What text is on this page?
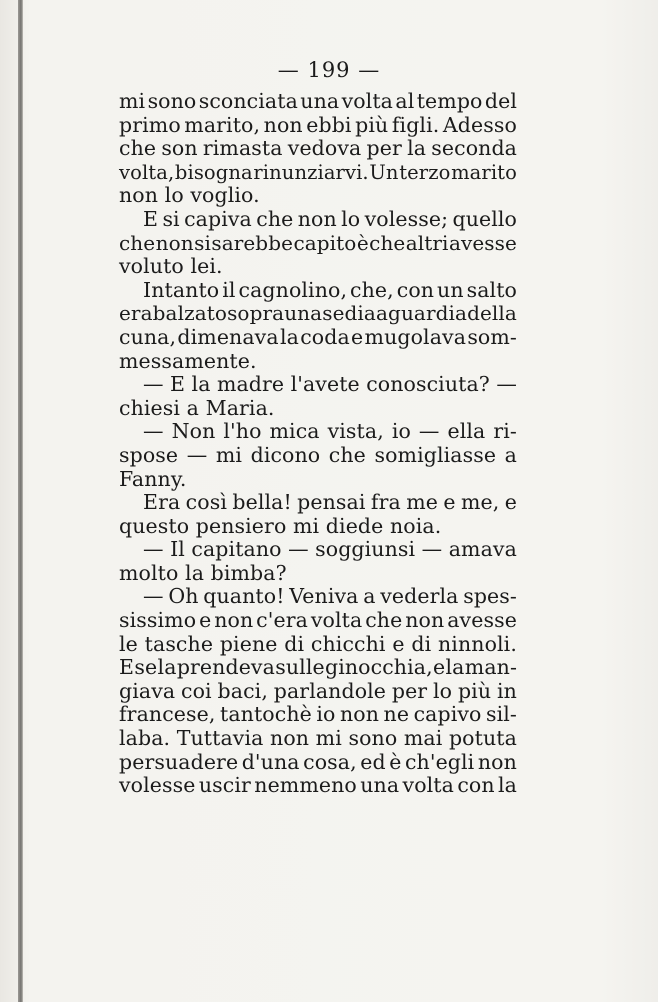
— 199 —
mi sono sconciata una volta al tempo del
primo marito, non ebbi più figli. Adesso
che son rimasta vedova per la seconda
volta, bisogna rinunziarvi. Un terzo marito
non lo voglio.
E si capiva che non lo volesse; quello
che non si sarebbe capito è che altri avesse
voluto lei.
Intanto il cagnolino, che, con un salto
era balzato sopra una sedia a guardia della
cuna, dimenava la coda e mugolava som-
messamente.
— E la madre l'avete conosciuta? —
chiesi a Maria.
— Non l'ho mica vista, io — ella ri-
spose — mi dicono che somigliasse a
Fanny.
Era così bella! pensai fra me e me, e
questo pensiero mi diede noia.
— Il capitano — soggiunsi — amava
molto la bimba?
— Oh quanto! Veniva a vederla spes-
sissimo e non c'era volta che non avesse
le tasche piene di chicchi e di ninnoli.
E se la prendeva sulle ginocchia, e la man-
giava coi baci, parlandole per lo più in
francese, tantochè io non ne capivo sil-
laba. Tuttavia non mi sono mai potuta
persuadere d'una cosa, ed è ch'egli non
volesse uscir nemmeno una volta con la
